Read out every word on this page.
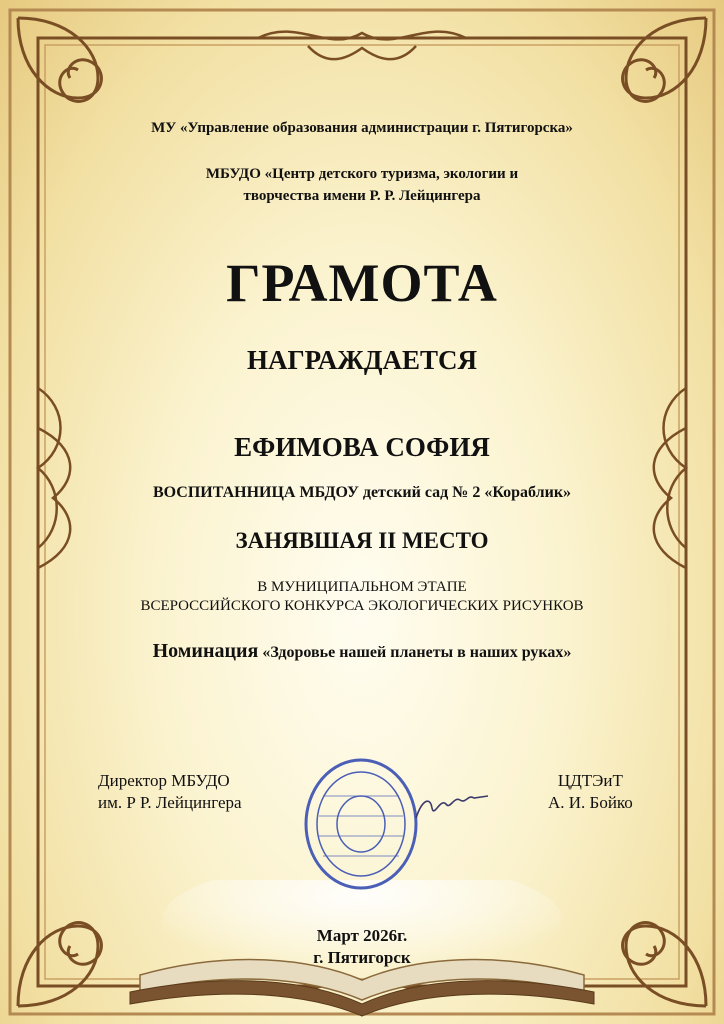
МУ «Управление образования администрации г. Пятигорска»
МБУДО «Центр детского туризма, экологии и
творчества имени Р. Р. Лейцингера
ГРАМОТА
НАГРАЖДАЕТСЯ
ЕФИМОВА СОФИЯ
ВОСПИТАННИЦА МБДОУ детский сад № 2 «Кораблик»
ЗАНЯВШАЯ II МЕСТО
В МУНИЦИПАЛЬНОМ ЭТАПЕ
ВСЕРОССИЙСКОГО КОНКУРСА ЭКОЛОГИЧЕСКИХ РИСУНКОВ
Номинация «Здоровье нашей планеты в наших руках»
Директор МБУДО
им. Р Р. Лейцингера
ЦДТЭиТ
А. И. Бойко
Март 2026г.
г. Пятигорск
